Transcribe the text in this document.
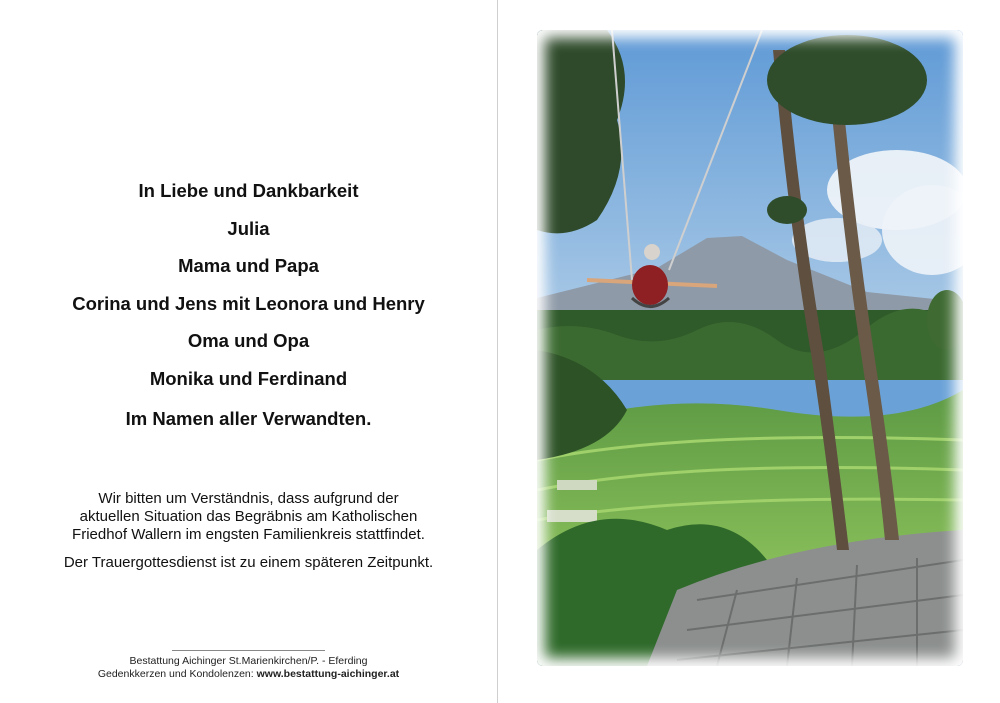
In Liebe und Dankbarkeit

Julia

Mama und Papa

Corina und Jens mit Leonora und Henry

Oma und Opa

Monika und Ferdinand

Im Namen aller Verwandten.

Wir bitten um Verständnis, dass aufgrund der

aktuellen Situation das Begräbnis am Katholischen

Friedhof Wallern im engsten Familienkreis stattfindet.

Der Trauergottesdienst ist zu einem späteren Zeitpunkt.

Bestattung Aichinger St.Marienkirchen/P. - Eferding
Gedenkkerzen und Kondolenzen: www.bestattung-aichinger.at
